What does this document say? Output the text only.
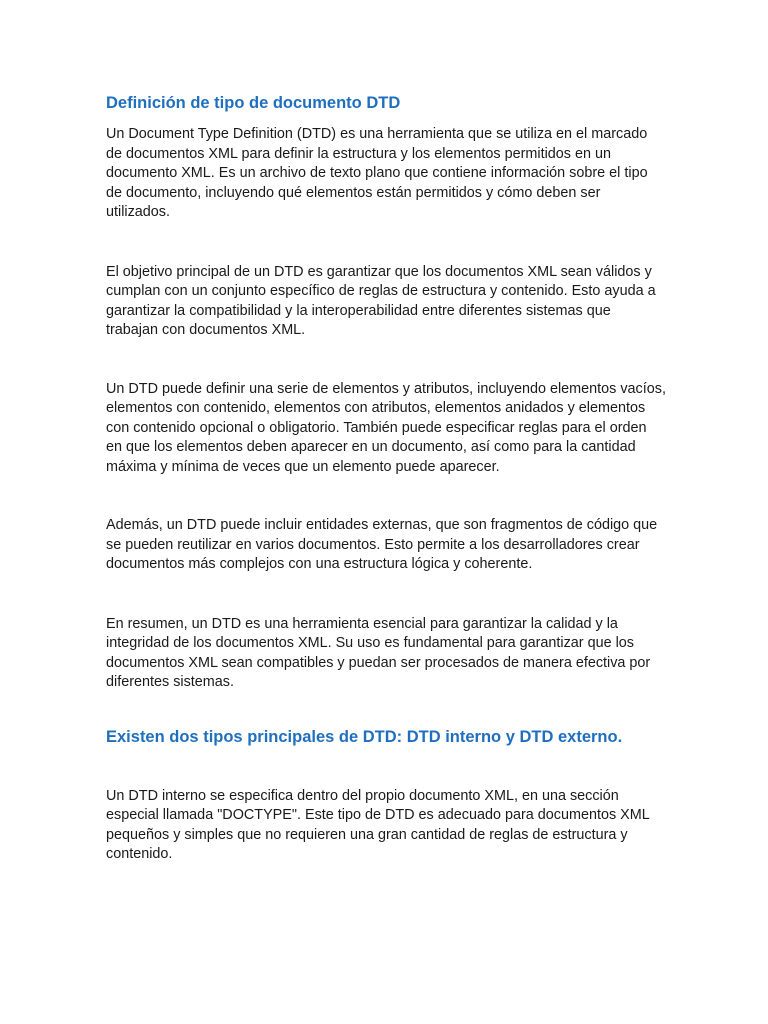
Definición de tipo de documento DTD

Un Document Type Definition (DTD) es una herramienta que se utiliza en el marcado de documentos XML para definir la estructura y los elementos permitidos en un documento XML. Es un archivo de texto plano que contiene información sobre el tipo de documento, incluyendo qué elementos están permitidos y cómo deben ser utilizados.

El objetivo principal de un DTD es garantizar que los documentos XML sean válidos y cumplan con un conjunto específico de reglas de estructura y contenido. Esto ayuda a garantizar la compatibilidad y la interoperabilidad entre diferentes sistemas que trabajan con documentos XML.

Un DTD puede definir una serie de elementos y atributos, incluyendo elementos vacíos, elementos con contenido, elementos con atributos, elementos anidados y elementos con contenido opcional o obligatorio. También puede especificar reglas para el orden en que los elementos deben aparecer en un documento, así como para la cantidad máxima y mínima de veces que un elemento puede aparecer.

Además, un DTD puede incluir entidades externas, que son fragmentos de código que se pueden reutilizar en varios documentos. Esto permite a los desarrolladores crear documentos más complejos con una estructura lógica y coherente.

En resumen, un DTD es una herramienta esencial para garantizar la calidad y la integridad de los documentos XML. Su uso es fundamental para garantizar que los documentos XML sean compatibles y puedan ser procesados de manera efectiva por diferentes sistemas.

Existen dos tipos principales de DTD: DTD interno y DTD externo.

Un DTD interno se especifica dentro del propio documento XML, en una sección especial llamada "DOCTYPE". Este tipo de DTD es adecuado para documentos XML pequeños y simples que no requieren una gran cantidad de reglas de estructura y contenido.
